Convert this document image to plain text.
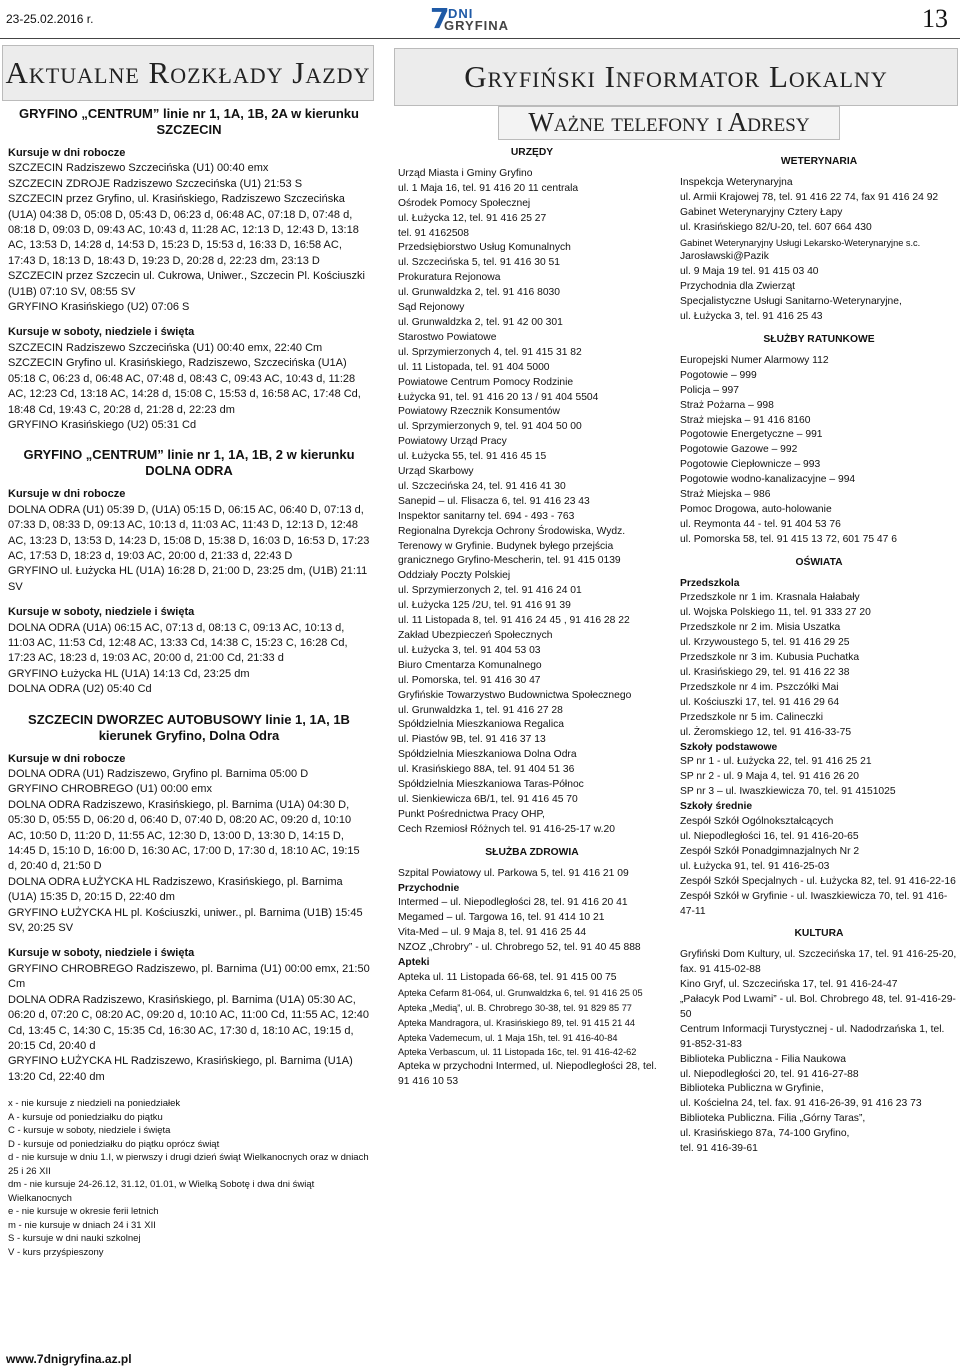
23-25.02.2016 r.	7
DNI
GRYFINA	13
Aktualne Rozkłady Jazdy

GRYFINO „CENTRUM” linie nr 1, 1A, 1B, 2A w kierunku SZCZECIN

Kursuje w dni robocze

SZCZECIN Radziszewo Szczecińska (U1) 00:40 emx

SZCZECIN ZDROJE Radziszewo Szczecińska (U1) 21:53 S

SZCZECIN przez Gryfino, ul. Krasińskiego, Radziszewo Szczecińska (U1A) 04:38 D, 05:08 D, 05:43 D, 06:23 d, 06:48 AC, 07:18 D, 07:48 d, 08:18 D, 09:03 D, 09:43 AC, 10:43 d, 11:28 AC, 12:13 D, 12:43 D, 13:18 AC, 13:53 D, 14:28 d, 14:53 D, 15:23 D, 15:53 d, 16:33 D, 16:58 AC, 17:43 D, 18:13 D, 18:43 D, 19:23 D, 20:28 d, 22:23 dm, 23:13 D

SZCZECIN przez Szczecin ul. Cukrowa, Uniwer., Szczecin Pl. Kościuszki (U1B) 07:10 SV, 08:55 SV

GRYFINO Krasińskiego (U2) 07:06 S

Kursuje w soboty, niedziele i święta

SZCZECIN Radziszewo Szczecińska (U1) 00:40 emx, 22:40 Cm

SZCZECIN Gryfino ul. Krasińskiego, Radziszewo, Szczecińska (U1A) 05:18 C, 06:23 d, 06:48 AC, 07:48 d, 08:43 C, 09:43 AC, 10:43 d, 11:28 AC, 12:23 Cd, 13:18 AC, 14:28 d, 15:08 C, 15:53 d, 16:58 AC, 17:48 Cd, 18:48 Cd, 19:43 C, 20:28 d, 21:28 d, 22:23 dm

GRYFINO Krasińskiego (U2) 05:31 Cd

GRYFINO „CENTRUM” linie nr 1, 1A, 1B, 2 w kierunku DOLNA ODRA

Kursuje w dni robocze

DOLNA ODRA (U1) 05:39 D, (U1A) 05:15 D, 06:15 AC, 06:40 D, 07:13 d, 07:33 D, 08:33 D, 09:13 AC, 10:13 d, 11:03 AC, 11:43 D, 12:13 D, 12:48 AC, 13:23 D, 13:53 D, 14:23 D, 15:08 D, 15:38 D, 16:03 D, 16:53 D, 17:23 AC, 17:53 D, 18:23 d, 19:03 AC, 20:00 d, 21:33 d, 22:43 D

GRYFINO ul. Łużycka HL (U1A) 16:28 D, 21:00 D, 23:25 dm, (U1B) 21:11 SV

Kursuje w soboty, niedziele i święta

DOLNA ODRA (U1A) 06:15 AC, 07:13 d, 08:13 C, 09:13 AC, 10:13 d, 11:03 AC, 11:53 Cd, 12:48 AC, 13:33 Cd, 14:38 C, 15:23 C, 16:28 Cd, 17:23 AC, 18:23 d, 19:03 AC, 20:00 d, 21:00 Cd, 21:33 d

GRYFINO Łużycka HL (U1A) 14:13 Cd, 23:25 dm

DOLNA ODRA (U2) 05:40 Cd

SZCZECIN DWORZEC AUTOBUSOWY linie 1, 1A, 1B kierunek Gryfino, Dolna Odra

Kursuje w dni robocze

DOLNA ODRA (U1) Radziszewo, Gryfino pl. Barnima 05:00 D

GRYFINO CHROBREGO (U1) 00:00 emx

DOLNA ODRA Radziszewo, Krasińskiego, pl. Barnima (U1A) 04:30 D, 05:30 D, 05:55 D, 06:20 d, 06:40 D, 07:40 D, 08:20 AC, 09:20 d, 10:10 AC, 10:50 D, 11:20 D, 11:55 AC, 12:30 D, 13:00 D, 13:30 D, 14:15 D, 14:45 D, 15:10 D, 16:00 D, 16:30 AC, 17:00 D, 17:30 d, 18:10 AC, 19:15 d, 20:40 d, 21:50 D

DOLNA ODRA ŁUŻYCKA HL Radziszewo, Krasińskiego, pl. Barnima (U1A) 15:35 D, 20:15 D, 22:40 dm

GRYFINO ŁUŻYCKA HL pl. Kościuszki, uniwer., pl. Barnima (U1B) 15:45 SV, 20:25 SV

Kursuje w soboty, niedziele i święta

GRYFINO CHROBREGO Radziszewo, pl. Barnima (U1) 00:00 emx, 21:50 Cm

DOLNA ODRA Radziszewo, Krasińskiego, pl. Barnima (U1A) 05:30 AC, 06:20 d, 07:20 C, 08:20 AC, 09:20 d, 10:10 AC, 11:00 Cd, 11:55 AC, 12:40 Cd, 13:45 C, 14:30 C, 15:35 Cd, 16:30 AC, 17:30 d, 18:10 AC, 19:15 d, 20:15 Cd, 20:40 d

GRYFINO ŁUŻYCKA HL Radziszewo, Krasińskiego, pl. Barnima (U1A) 13:20 Cd, 22:40 dm

x - nie kursuje z niedzieli na poniedziałek

A - kursuje od poniedziałku do piątku

C - kursuje w soboty, niedziele i święta

D - kursuje od poniedziałku do piątku oprócz świąt

d - nie kursuje w dniu 1.I, w pierwszy i drugi dzień świąt Wielkanocnych oraz w dniach 25 i 26 XII

dm - nie kursuje 24-26.12, 31.12, 01.01, w Wielką Sobotę i dwa dni świąt Wielkanocnych

e - nie kursuje w okresie ferii letnich

m - nie kursuje w dniach 24 i 31 XII

S - kursuje w dni nauki szkolnej

V - kurs przyśpieszony

www.7dnigryfina.az.pl
Gryfiński Informator Lokalny
Ważne telefony i Adresy

URZĘDY

Urząd Miasta i Gminy Gryfino

ul. 1 Maja 16, tel. 91 416 20 11 centrala

Ośrodek Pomocy Społecznej

ul. Łużycka 12, tel. 91 416 25 27

tel. 91 4162508

Przedsiębiorstwo Usług Komunalnych

ul. Szczecińska 5, tel. 91 416 30 51

Prokuratura Rejonowa

ul. Grunwaldzka 2, tel. 91 416 8030

Sąd Rejonowy

ul. Grunwaldzka 2, tel. 91 42 00 301

Starostwo Powiatowe

ul. Sprzymierzonych 4, tel. 91 415 31 82

ul. 11 Listopada, tel. 91 404 5000

Powiatowe Centrum Pomocy Rodzinie

Łużycka 91, tel. 91 416 20 13 / 91 404 5504

Powiatowy Rzecznik Konsumentów

ul. Sprzymierzonych 9, tel. 91 404 50 00

Powiatowy Urząd Pracy

ul. Łużycka 55, tel. 91 416 45 15

Urząd Skarbowy

ul. Szczecińska 24, tel. 91 416 41 30

Sanepid – ul. Flisacza 6, tel. 91 416 23 43

Inspektor sanitarny tel. 694 - 493 - 763

Regionalna Dyrekcja Ochrony Środowiska, Wydz. Terenowy w Gryfinie. Budynek byłego przejścia granicznego Gryfino-Mescherin, tel. 91 415 0139

Oddziały Poczty Polskiej

ul. Sprzymierzonych 2, tel. 91 416 24 01

ul. Łużycka 125 /2U, tel. 91 416 91 39

ul. 11 Listopada 8, tel. 91 416 24 45 , 91 416 28 22

Zakład Ubezpieczeń Społecznych

ul. Łużycka 3, tel. 91 404 53 03

Biuro Cmentarza Komunalnego

ul. Pomorska, tel. 91 416 30 47

Gryfińskie Towarzystwo Budownictwa Społecznego

ul. Grunwaldzka 1, tel. 91 416 27 28

Spółdzielnia Mieszkaniowa Regalica

ul. Piastów 9B, tel. 91 416 37 13

Spółdzielnia Mieszkaniowa Dolna Odra

ul. Krasińskiego 88A, tel. 91 404 51 36

Spółdzielnia Mieszkaniowa Taras-Północ

ul. Sienkiewicza 6B/1, tel. 91 416 45 70

Punkt Pośrednictwa Pracy OHP,

Cech Rzemiosł Różnych tel. 91 416-25-17 w.20

SŁUŻBA ZDROWIA

Szpital Powiatowy ul. Parkowa 5, tel. 91 416 21 09

Przychodnie

Intermed – ul. Niepodległości 28, tel. 91 416 20 41

Megamed – ul. Targowa 16, tel. 91 414 10 21

Vita-Med – ul. 9 Maja 8, tel. 91 416 25 44

NZOZ „Chrobry” - ul. Chrobrego 52, tel. 91 40 45 888

Apteki

Apteka ul. 11 Listopada 66-68, tel. 91 415 00 75

Apteka Cefarm 81-064, ul. Grunwaldzka 6, tel. 91 416 25 05

Apteka „Medią”, ul. B. Chrobrego 30-38, tel. 91 829 85 77

Apteka Mandragora, ul. Krasińskiego 89, tel. 91 415 21 44

Apteka Vademecum, ul. 1 Maja 15h, tel. 91 416-40-84

Apteka Verbascum, ul. 11 Listopada 16c, tel. 91 416-42-62

Apteka w przychodni Intermed, ul. Niepodległości 28, tel. 91 416 10 53

WETERYNARIA

Inspekcja Weterynaryjna

ul. Armii Krajowej 78, tel. 91 416 22 74, fax 91 416 24 92

Gabinet Weterynaryjny Cztery Łapy

ul. Krasińskiego 82/U-20, tel. 607 664 430

Gabinet Weterynaryjny Usługi Lekarsko-Weterynaryjne s.c.

Jarosławski@Pazik

ul. 9 Maja 19 tel. 91 415 03 40

Przychodnia dla Zwierząt

Specjalistyczne Usługi Sanitarno-Weterynaryjne,

ul. Łużycka 3, tel. 91 416 25 43

SŁUŻBY RATUNKOWE

Europejski Numer Alarmowy 112

Pogotowie – 999

Policja – 997

Straż Pożarna – 998

Straż miejska – 91 416 8160

Pogotowie Energetyczne – 991

Pogotowie Gazowe – 992

Pogotowie Ciepłownicze – 993

Pogotowie wodno-kanalizacyjne – 994

Straż Miejska – 986

Pomoc Drogowa, auto-holowanie

ul. Reymonta 44 - tel. 91 404 53 76

ul. Pomorska 58, tel. 91 415 13 72, 601 75 47 6

OŚWIATA

Przedszkola

Przedszkole nr 1 im. Krasnala Hałabały

ul. Wojska Polskiego 11, tel. 91 333 27 20

Przedszkole nr 2 im. Misia Uszatka

ul. Krzywoustego 5, tel. 91 416 29 25

Przedszkole nr 3 im. Kubusia Puchatka

ul. Krasińskiego 29, tel. 91 416 22 38

Przedszkole nr 4 im. Pszczółki Mai

ul. Kościuszki 17, tel. 91 416 29 64

Przedszkole nr 5 im. Calineczki

ul. Żeromskiego 12, tel. 91 416-33-75

Szkoły podstawowe

SP nr 1 - ul. Łużycka 22, tel. 91 416 25 21

SP nr 2 - ul. 9 Maja 4, tel. 91 416 26 20

SP nr 3 – ul. Iwaszkiewicza 70, tel. 91 4151025

Szkoły średnie

Zespół Szkół Ogólnokształcących

ul. Niepodległości 16, tel. 91 416-20-65

Zespół Szkół Ponadgimnazjalnych Nr 2

ul. Łużycka 91, tel. 91 416-25-03

Zespół Szkół Specjalnych - ul. Łużycka 82, tel. 91 416-22-16

Zespół Szkół w Gryfinie - ul. Iwaszkiewicza 70, tel. 91 416-47-11

KULTURA

Gryfiński Dom Kultury, ul. Szczecińska 17, tel. 91 416-25-20, fax. 91 415-02-88

Kino Gryf, ul. Szczecińska 17, tel. 91 416-24-47

„Pałacyk Pod Lwami” - ul. Bol. Chrobrego 48, tel. 91-416-29-50

Centrum Informacji Turystycznej - ul. Nadodrzańska 1, tel. 91-852-31-83

Biblioteka Publiczna - Filia Naukowa

ul. Niepodległości 20, tel. 91 416-27-88

Biblioteka Publiczna w Gryfinie,

ul. Kościelna 24, tel. fax. 91 416-26-39, 91 416 23 73

Biblioteka Publiczna. Filia „Górny Taras”,

ul. Krasińskiego 87a, 74-100 Gryfino,

tel. 91 416-39-61
